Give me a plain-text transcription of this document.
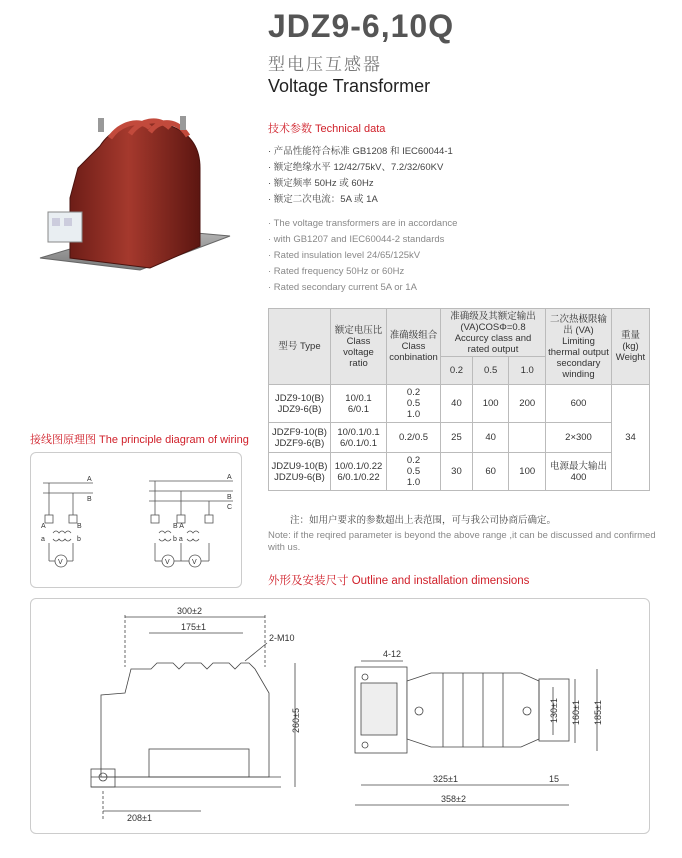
JDZ9-6,10Q
型电压互感器
Voltage Transformer
技术参数 Technical data
· 产品性能符合标准 GB1208 和 IEC60044-1
· 额定绝缘水平 12/42/75kV、7.2/32/60KV
· 额定频率 50Hz 或 60Hz
· 额定二次电流：5A 或 1A
· The voltage transformers are in accordance
· with GB1207 and IEC60044-2 standards
· Rated insulation level 24/65/125kV
· Rated frequency 50Hz or 60Hz
· Rated secondary current 5A or 1A
型号 Type	额定电压比 Class voltage ratio	准确级组合 Class conbination	准确级及其额定输出 (VA)COSΦ=0.8 Accurcy class and rated output			二次热极限输出 (VA) Limiting thermal output secondary winding	重量 (kg) Weight
			0.2	0.5	1.0		
JDZ9-10(B)
JDZ9-6(B)	10/0.1
6/0.1	0.2
0.5
1.0	40	100	200	600	34
JDZF9-10(B)
JDZF9-6(B)	10/0.1/0.1
6/0.1/0.1	0.2/0.5	25	40		2×300	
JDZU9-10(B)
JDZU9-6(B)	10/0.1/0.22
6/0.1/0.22	0.2
0.5
1.0	30	60	100	电源最大输出
400	
注：如用户要求的参数超出上表范围，可与我公司协商后确定。
Note: if the reqired parameter is beyond the above range ,it can be discussed and confirmed with us.
接线图原理图 The principle diagram of wiring
A
B
A	B
a	b
V
A
B
C
B A
b a
V	V
外形及安装尺寸 Outline and installation dimensions
300±2
175±1
2-M10
260±5
208±1
4-12
130±1 160±1 185±1
325±1	15
358±2
